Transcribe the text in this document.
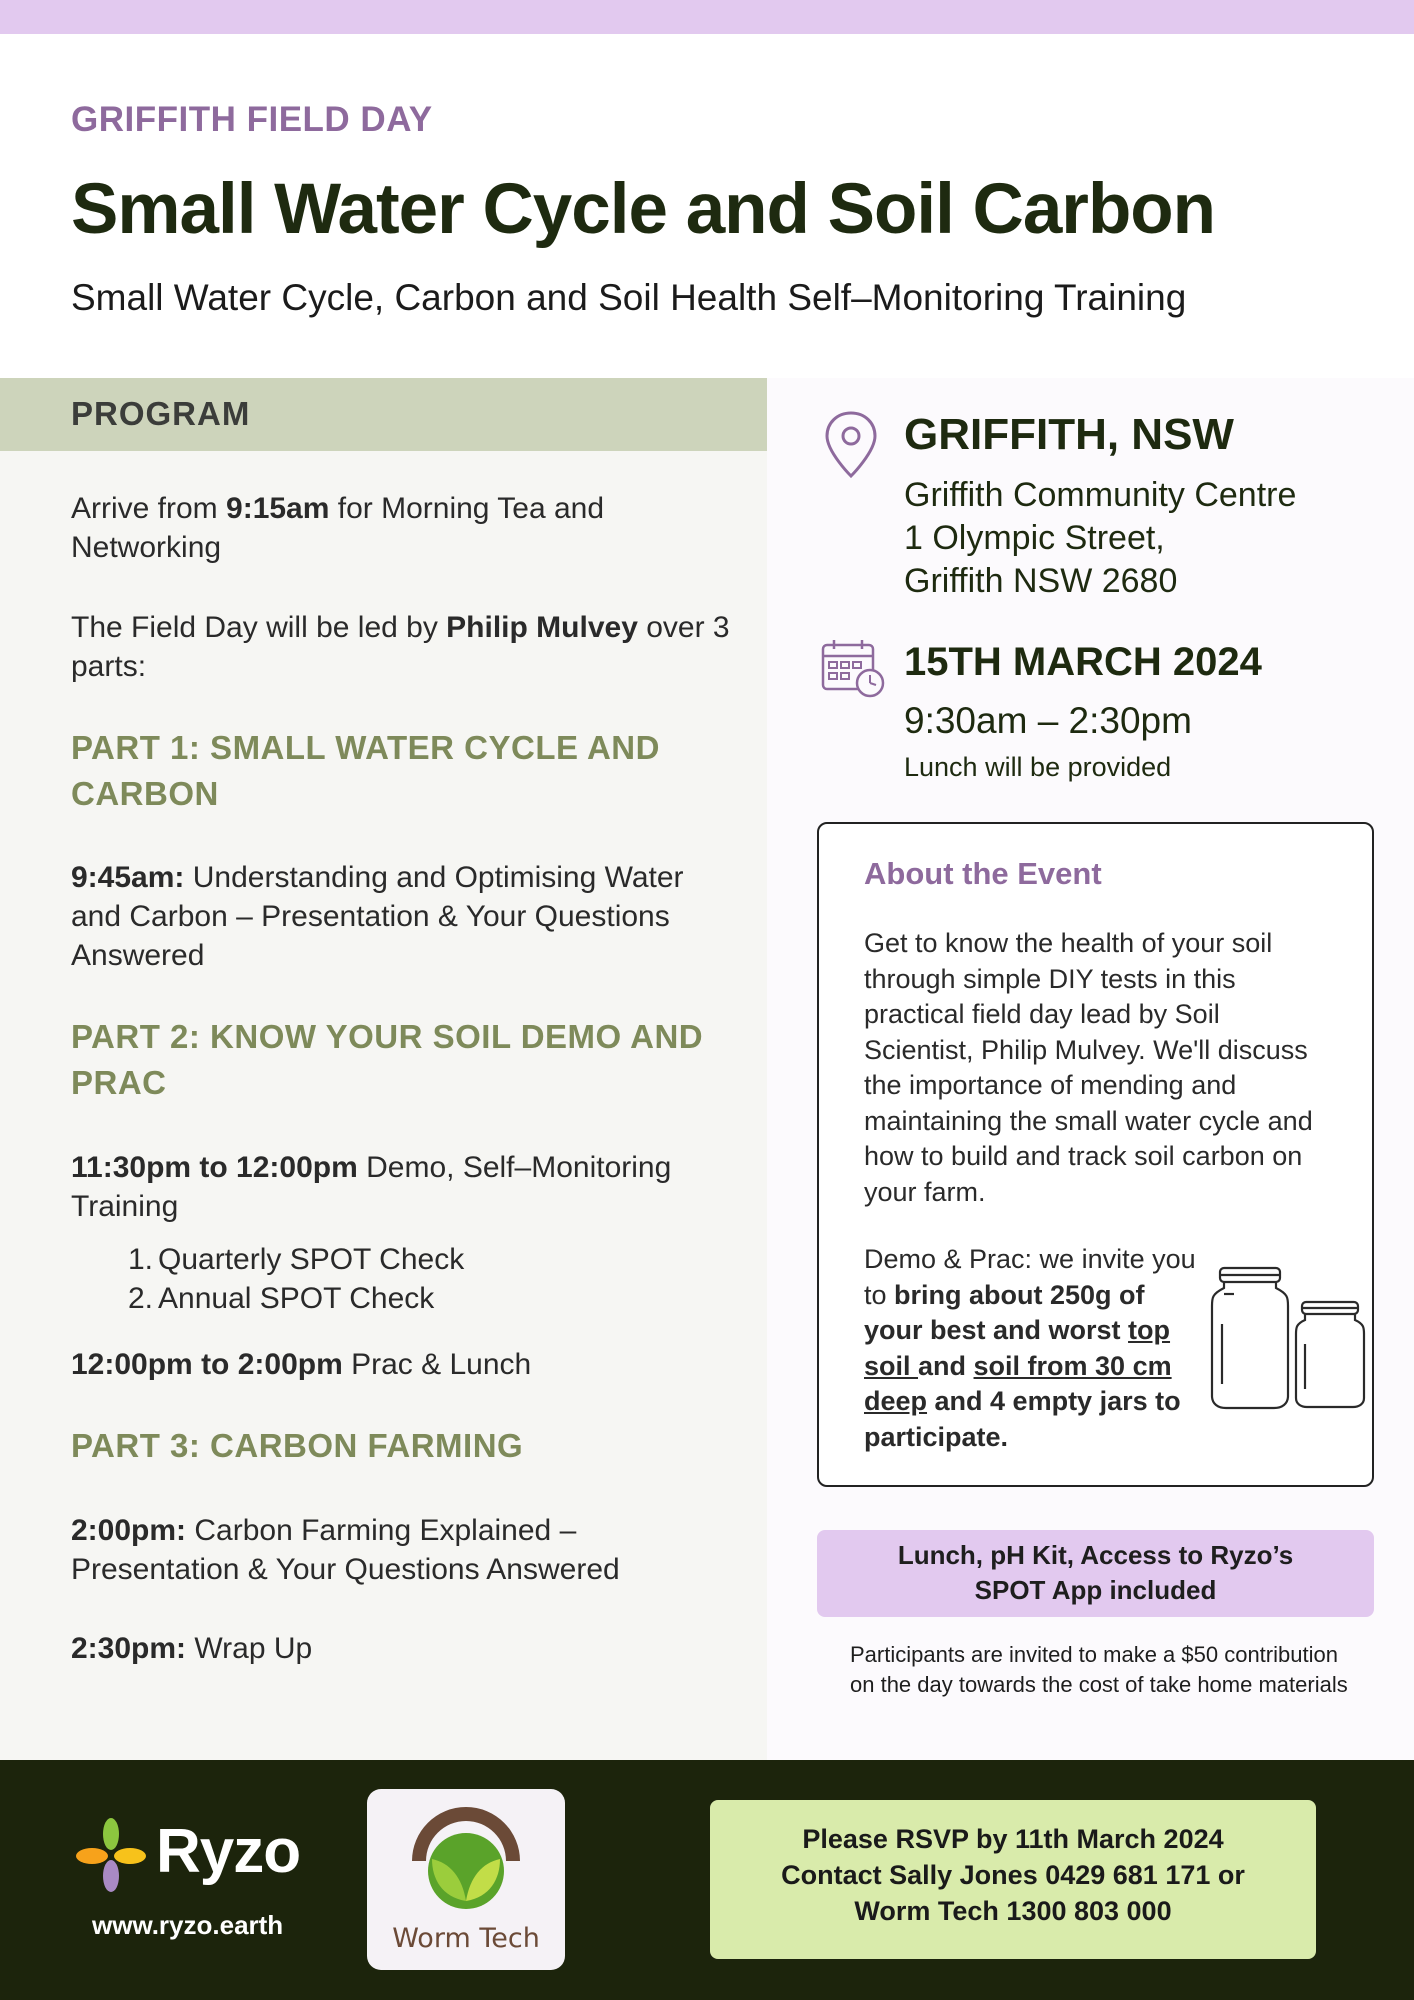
GRIFFITH FIELD DAY
Small Water Cycle and Soil Carbon
Small Water Cycle, Carbon and Soil Health Self–Monitoring Training
PROGRAM
Arrive from 9:15am for Morning Tea and Networking
The Field Day will be led by Philip Mulvey over 3 parts:
PART 1: SMALL WATER CYCLE AND CARBON
9:45am: Understanding and Optimising Water and Carbon – Presentation & Your Questions Answered
PART 2: KNOW YOUR SOIL DEMO AND PRAC
11:30pm to 12:00pm Demo, Self–Monitoring Training
1. Quarterly SPOT Check
2. Annual SPOT Check
12:00pm to 2:00pm Prac & Lunch
PART 3: CARBON FARMING
2:00pm: Carbon Farming Explained – Presentation & Your Questions Answered
2:30pm: Wrap Up
GRIFFITH, NSW
Griffith Community Centre
1 Olympic Street,
Griffith NSW 2680
15TH MARCH 2024
9:30am – 2:30pm
Lunch will be provided
About the Event
Get to know the health of your soil through simple DIY tests in this practical field day lead by Soil Scientist, Philip Mulvey. We'll discuss the importance of mending and maintaining the small water cycle and how to build and track soil carbon on your farm.
Demo & Prac: we invite you to bring about 250g of your best and worst top soil and soil from 30 cm deep and 4 empty jars to participate.
Lunch, pH Kit, Access to Ryzo’s
SPOT App included
Participants are invited to make a $50 contribution on the day towards the cost of take home materials
Ryzo
www.ryzo.earth	Worm Tech
Please RSVP by 11th March 2024
Contact Sally Jones 0429 681 171 or
Worm Tech 1300 803 000
